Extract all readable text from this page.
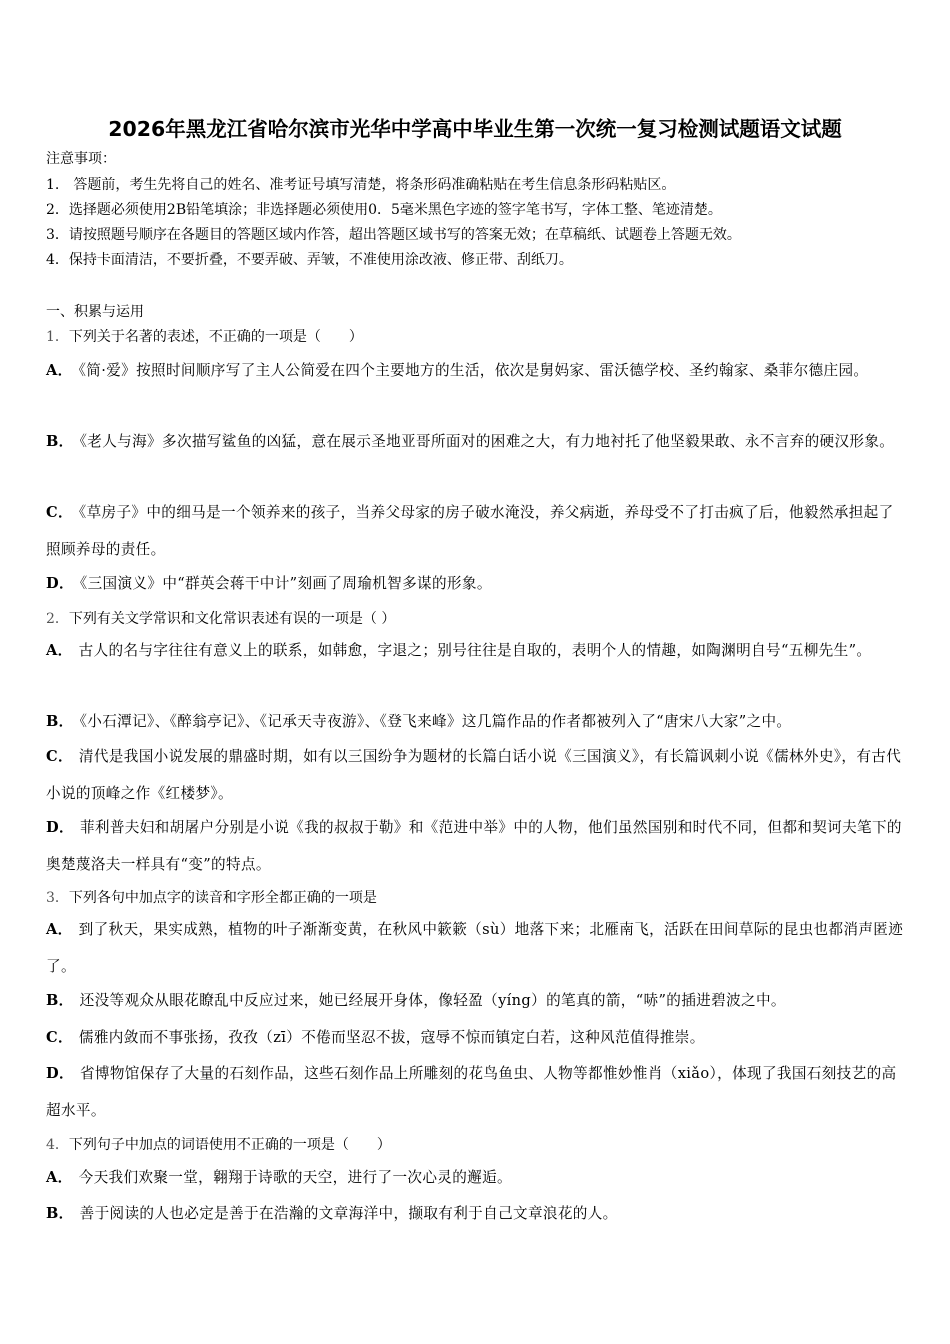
2026年黑龙江省哈尔滨市光华中学高中毕业生第一次统一复习检测试题语文试题
注意事项：
1.　答题前，考生先将自己的姓名、准考证号填写清楚，将条形码准确粘贴在考生信息条形码粘贴区。
2．选择题必须使用2B铅笔填涂；非选择题必须使用0．5毫米黑色字迹的签字笔书写，字体工整、笔迹清楚。
3．请按照题号顺序在各题目的答题区域内作答，超出答题区域书写的答案无效；在草稿纸、试题卷上答题无效。
4．保持卡面清洁，不要折叠，不要弄破、弄皱，不准使用涂改液、修正带、刮纸刀。
一、积累与运用
1．下列关于名著的表述，不正确的一项是（　　）
A． 《简·爱》按照时间顺序写了主人公简爱在四个主要地方的生活，依次是舅妈家、雷沃德学校、圣约翰家、桑菲尔德庄园。
B． 《老人与海》多次描写鲨鱼的凶猛，意在展示圣地亚哥所面对的困难之大，有力地衬托了他坚毅果敢、永不言弃的硬汉形象。
C． 《草房子》中的细马是一个领养来的孩子，当养父母家的房子破水淹没，养父病逝，养母受不了打击疯了后，他毅然承担起了照顾养母的责任。
D． 《三国演义》中“群英会蒋干中计”刻画了周瑜机智多谋的形象。
2．下列有关文学常识和文化常识表述有误的一项是（ ）
A． 古人的名与字往往有意义上的联系，如韩愈，字退之；别号往往是自取的，表明个人的情趣，如陶渊明自号“五柳先生”。
B． 《小石潭记》、《醉翁亭记》、《记承天寺夜游》、《登飞来峰》这几篇作品的作者都被列入了“唐宋八大家”之中。
C． 清代是我国小说发展的鼎盛时期，如有以三国纷争为题材的长篇白话小说《三国演义》，有长篇讽刺小说《儒林外史》，有古代小说的顶峰之作《红楼梦》。
D． 菲利普夫妇和胡屠户分别是小说《我的叔叔于勒》和《范进中举》中的人物，他们虽然国别和时代不同，但都和契诃夫笔下的奥楚蔑洛夫一样具有“变”的特点。
3．下列各句中加点字的读音和字形全都正确的一项是
A． 到了秋天，果实成熟，植物的叶子渐渐变黄，在秋风中簌簌（sù）地落下来；北雁南飞，活跃在田间草际的昆虫也都消声匿迹了。
B． 还没等观众从眼花瞭乱中反应过来，她已经展开身体，像轻盈（yíng）的笔真的箭，“哧”的插进碧波之中。
C． 儒雅内敛而不事张扬，孜孜（zī）不倦而坚忍不拔，寇辱不惊而镇定白若，这种风范值得推崇。
D． 省博物馆保存了大量的石刻作品，这些石刻作品上所雕刻的花鸟鱼虫、人物等都惟妙惟肖（xiǎo），体现了我国石刻技艺的高超水平。
4．下列句子中加点的词语使用不正确的一项是（　　）
A． 今天我们欢聚一堂，翱翔于诗歌的天空，进行了一次心灵的邂逅。
B． 善于阅读的人也必定是善于在浩瀚的文章海洋中，撷取有利于自己文章浪花的人。
